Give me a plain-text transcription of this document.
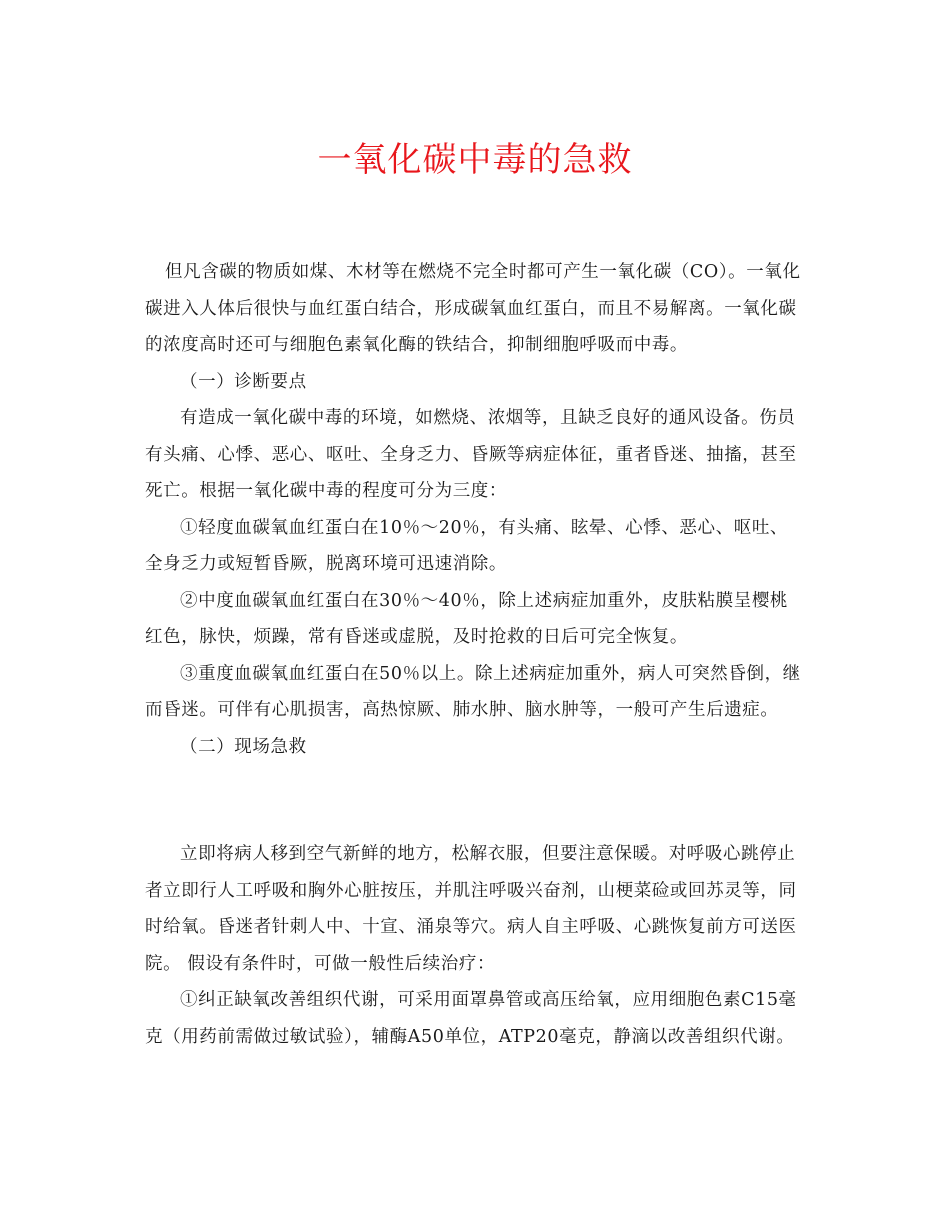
一氧化碳中毒的急救

但凡含碳的物质如煤、木材等在燃烧不完全时都可产生一氧化碳（CO）。一氧化碳进入人体后很快与血红蛋白结合，形成碳氧血红蛋白，而且不易解离。一氧化碳的浓度高时还可与细胞色素氧化酶的铁结合，抑制细胞呼吸而中毒。

（一）诊断要点

有造成一氧化碳中毒的环境，如燃烧、浓烟等，且缺乏良好的通风设备。伤员有头痛、心悸、恶心、呕吐、全身乏力、昏厥等病症体征，重者昏迷、抽搐，甚至死亡。根据一氧化碳中毒的程度可分为三度：

①轻度血碳氧血红蛋白在10％～20％，有头痛、眩晕、心悸、恶心、呕吐、全身乏力或短暂昏厥，脱离环境可迅速消除。

②中度血碳氧血红蛋白在30％～40％，除上述病症加重外，皮肤粘膜呈樱桃红色，脉快，烦躁，常有昏迷或虚脱，及时抢救的日后可完全恢复。

③重度血碳氧血红蛋白在50％以上。除上述病症加重外，病人可突然昏倒，继而昏迷。可伴有心肌损害，高热惊厥、肺水肿、脑水肿等，一般可产生后遗症。

（二）现场急救

立即将病人移到空气新鲜的地方，松解衣服，但要注意保暖。对呼吸心跳停止者立即行人工呼吸和胸外心脏按压，并肌注呼吸兴奋剂，山梗菜硷或回苏灵等，同时给氧。昏迷者针刺人中、十宣、涌泉等穴。病人自主呼吸、心跳恢复前方可送医院。 假设有条件时，可做一般性后续治疗：

①纠正缺氧改善组织代谢，可采用面罩鼻管或高压给氧，应用细胞色素C15毫克（用药前需做过敏试验），辅酶A50单位，ATP20毫克，静滴以改善组织代谢。
